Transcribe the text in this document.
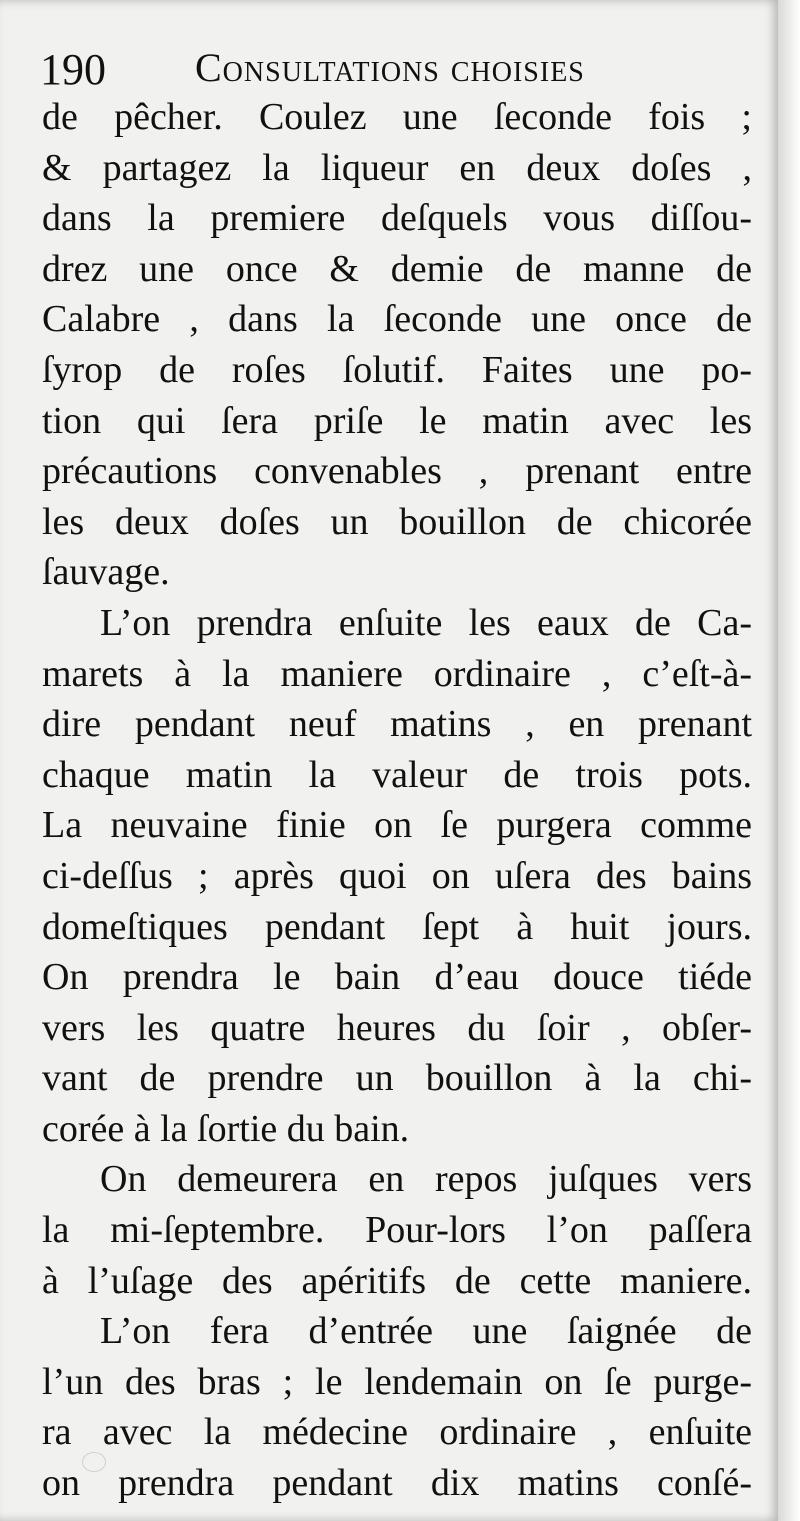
190 Consultations choisies
de pêcher. Coulez une ſeconde fois ;
& partagez la liqueur en deux doſes ,
dans la premiere deſquels vous diſſou-
drez une once & demie de manne de
Calabre , dans la ſeconde une once de
ſyrop de roſes ſolutif. Faites une po-
tion qui ſera priſe le matin avec les
précautions convenables , prenant entre
les deux doſes un bouillon de chicorée
ſauvage.
L’on prendra enſuite les eaux de Ca-
marets à la maniere ordinaire , c’eſt-à-
dire pendant neuf matins , en prenant
chaque matin la valeur de trois pots.
La neuvaine finie on ſe purgera comme
ci-deſſus ; après quoi on uſera des bains
domeſtiques pendant ſept à huit jours.
On prendra le bain d’eau douce tiéde
vers les quatre heures du ſoir , obſer-
vant de prendre un bouillon à la chi-
corée à la ſortie du bain.
On demeurera en repos juſques vers
la mi-ſeptembre. Pour-lors l’on paſſera
à l’uſage des apéritifs de cette maniere.
L’on fera d’entrée une ſaignée de
l’un des bras ; le lendemain on ſe purge-
ra avec la médecine ordinaire , enſuite
on prendra pendant dix matins conſé-
